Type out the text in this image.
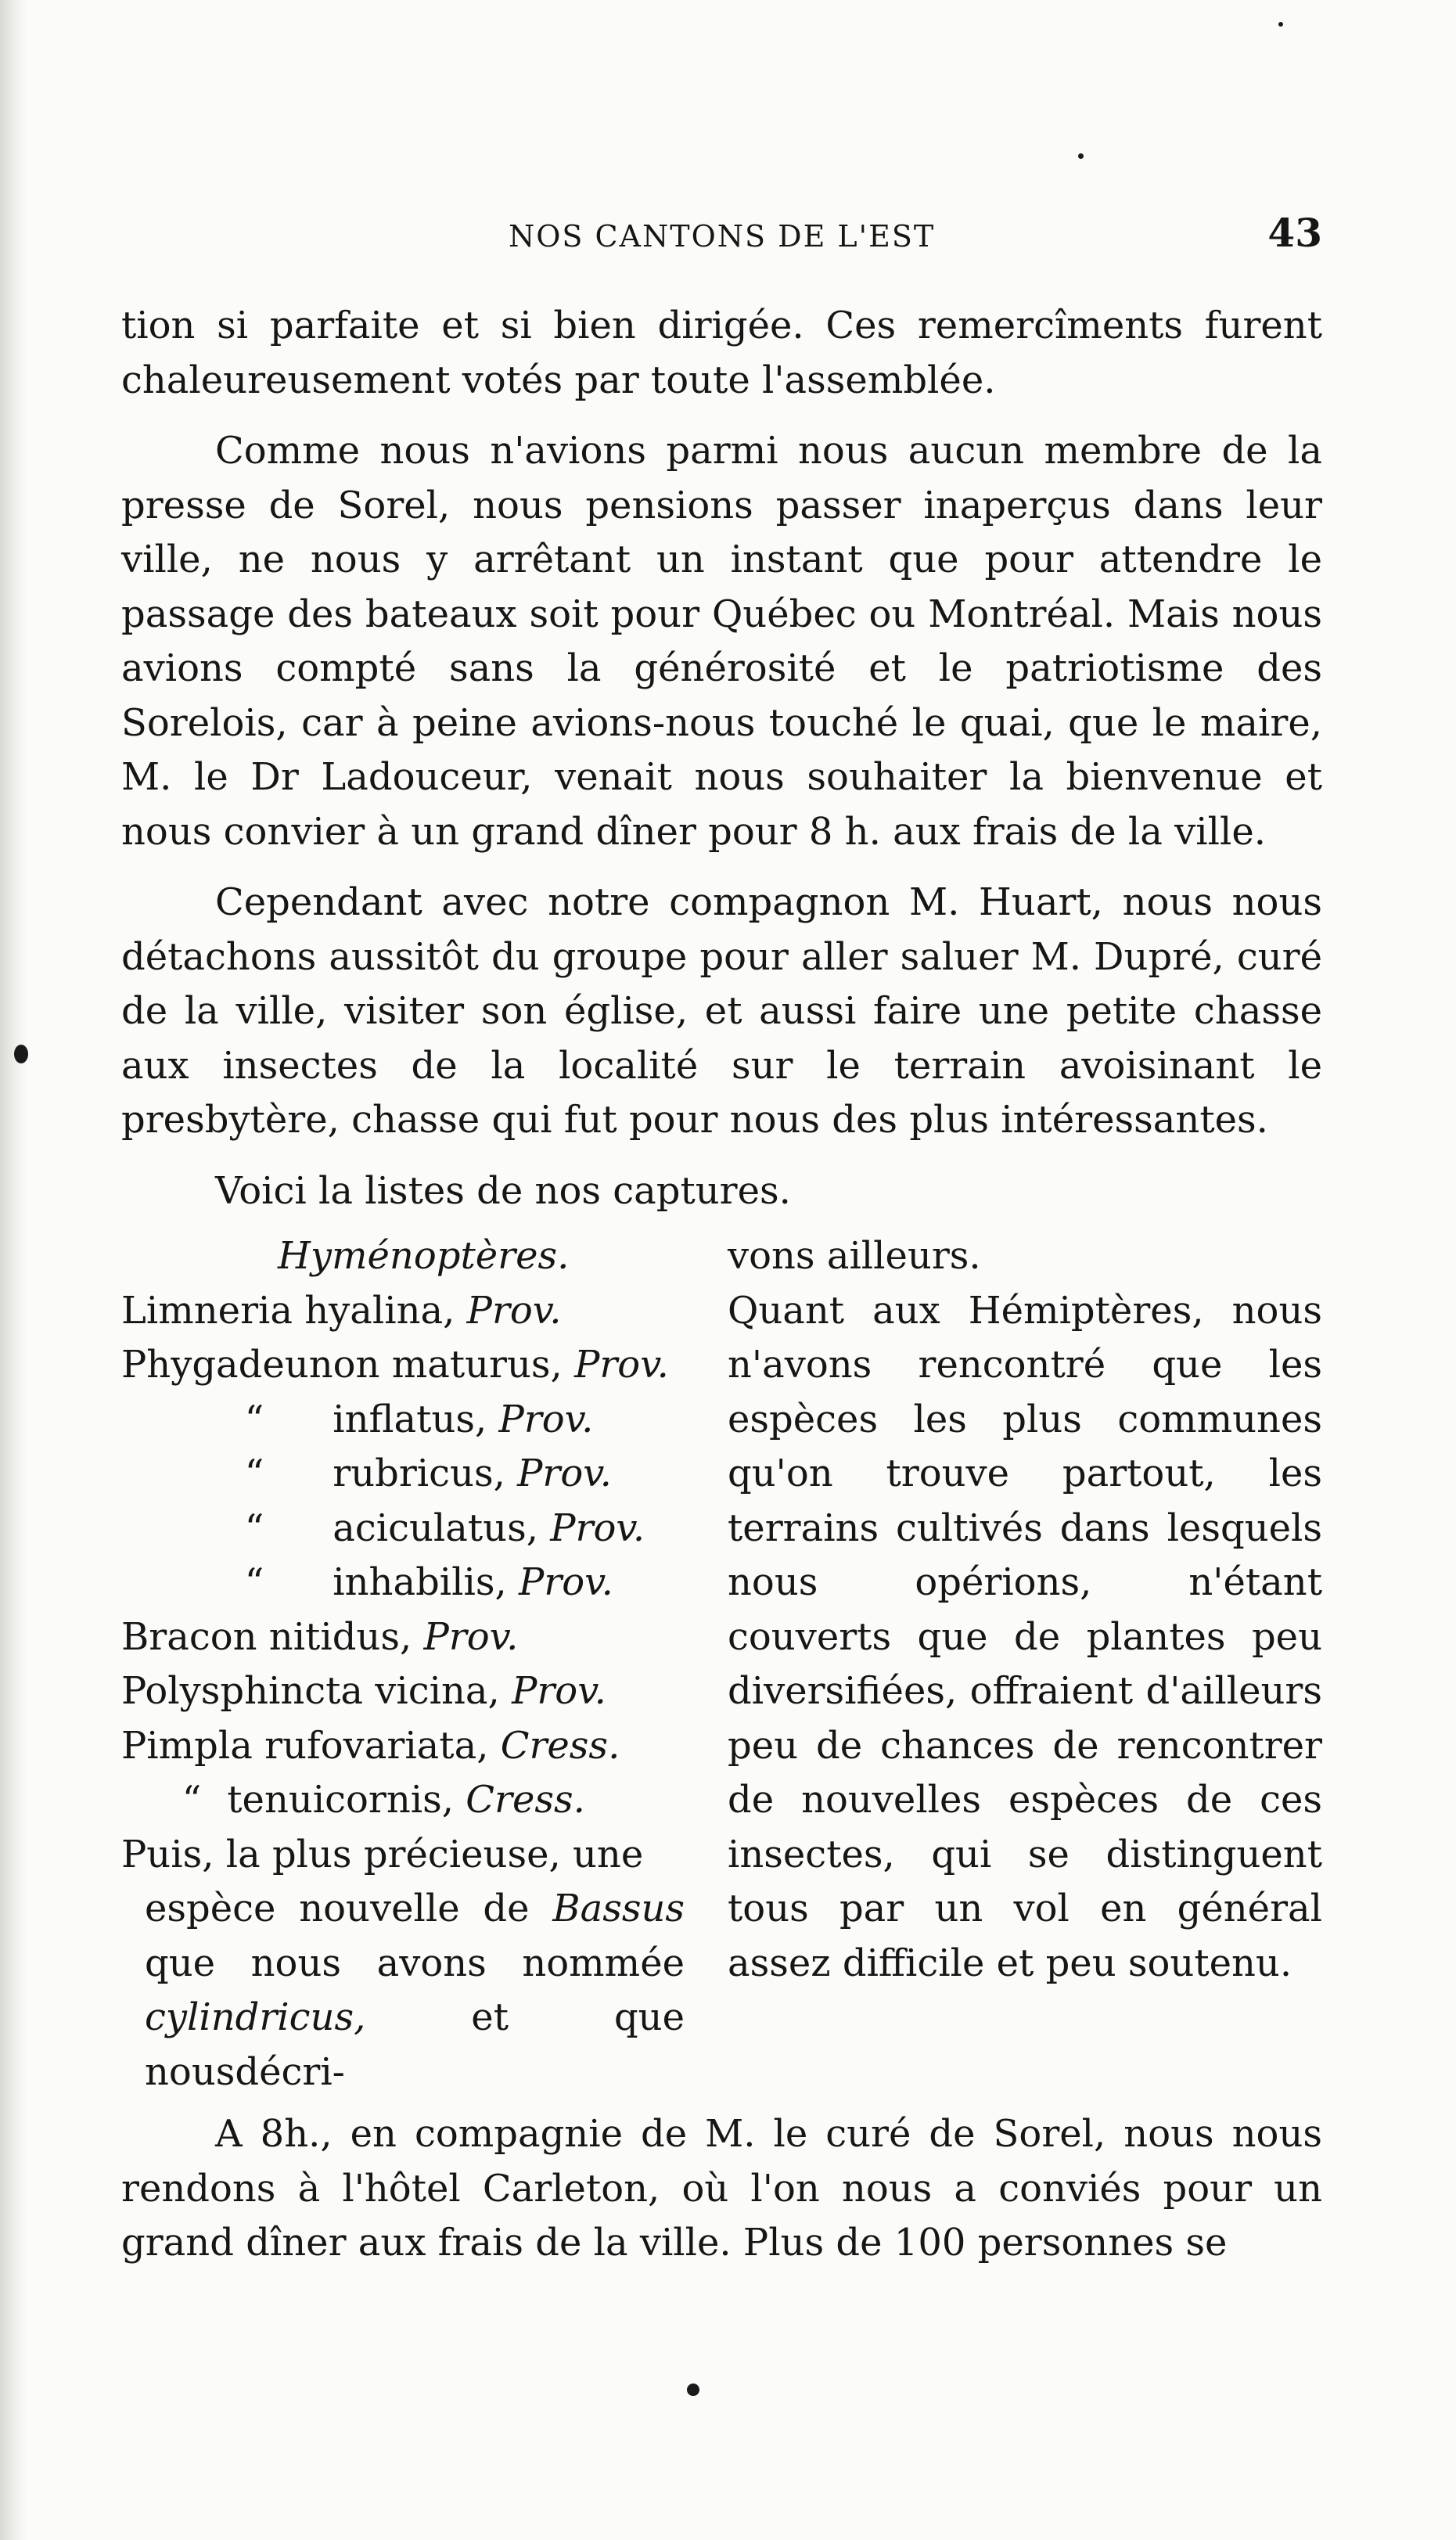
NOS CANTONS DE L'EST	43

tion si parfaite et si bien dirigée. Ces remercîments furent chaleureusement votés par toute l'assemblée.

Comme nous n'avions parmi nous aucun membre de la presse de Sorel, nous pensions passer inaperçus dans leur ville, ne nous y arrêtant un instant que pour attendre le passage des bateaux soit pour Québec ou Montréal. Mais nous avions compté sans la générosité et le patriotisme des Sorelois, car à peine avions-nous touché le quai, que le maire, M. le Dr Ladouceur, venait nous souhaiter la bienvenue et nous convier à un grand dîner pour 8 h. aux frais de la ville.

Cependant avec notre compagnon M. Huart, nous nous détachons aussitôt du groupe pour aller saluer M. Dupré, curé de la ville, visiter son église, et aussi faire une petite chasse aux insectes de la localité sur le terrain avoisinant le presbytère, chasse qui fut pour nous des plus intéressantes.

Voici la listes de nos captures.

Hyménoptères.
Limneria hyalina, Prov.
Phygadeunon maturus, Prov.
“ inflatus, Prov.
“ rubricus, Prov.
“ aciculatus, Prov.
“ inhabilis, Prov.
Bracon nitidus, Prov.
Polysphincta vicina, Prov.
Pimpla rufovariata, Cress.
“ tenuicornis, Cress.
Puis, la plus précieuse, une
espèce nouvelle de Bassus que nous avons nommée cylindricus,	et que nousdécri-

vons ailleurs.

Quant aux Hémiptères, nous n'avons rencontré que les espèces les plus communes qu'on trouve partout, les terrains cultivés dans lesquels nous opérions, n'étant couverts que de plantes peu diversifiées, offraient d'ailleurs peu de chances de rencontrer de nouvelles espèces de ces insectes, qui se distinguent tous par un vol en général assez difficile et peu soutenu.

A 8h., en compagnie de M. le curé de Sorel, nous nous rendons à l'hôtel Carleton, où l'on nous a conviés pour un grand dîner aux frais de la ville. Plus de 100 personnes se
